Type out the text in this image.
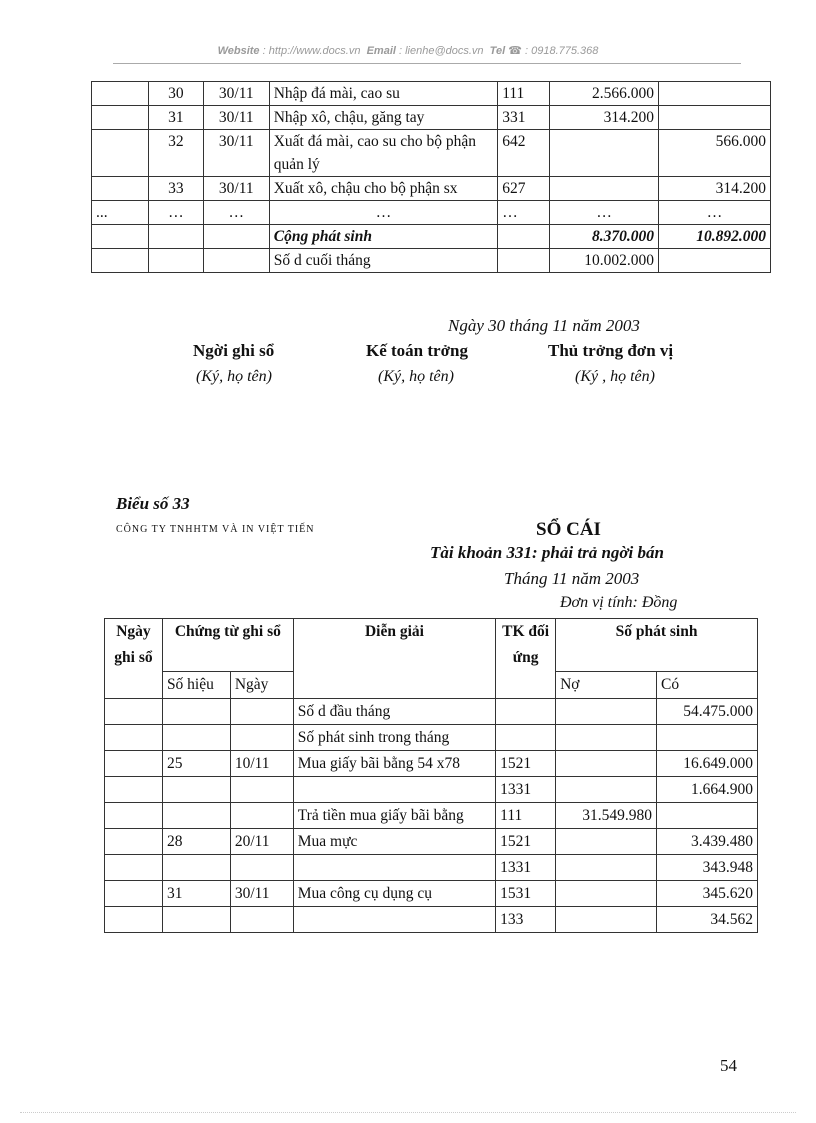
Website : http://www.docs.vn Email : lienhe@docs.vn Tel ☎ : 0918.775.368
	30	30/11	Nhập đá mài, cao su	111	2.566.000	
	31	30/11	Nhập xô, chậu, găng tay	331	314.200	
	32	30/11	Xuất đá mài, cao su cho bộ phận quản lý	642		566.000
	33	30/11	Xuất xô, chậu cho bộ phận sx	627		314.200
...	…	…	…	…	…	…
			Cộng phát sinh		8.370.000	10.892.000
			Số d cuối tháng		10.002.000	
Ngày 30 tháng 11 năm 2003
Ngời ghi sổ	Kế toán trởng	Thủ trởng đơn vị
(Ký, họ tên)	(Ký, họ tên)	(Ký , họ tên)
Biểu số 33
CÔNG TY TNHHTM VÀ IN VIỆT TIẾN	SỔ CÁI
Tài khoản 331: phải trả ngời bán
Tháng 11 năm 2003
Đơn vị tính: Đồng
Ngày ghi sổ	Chứng từ ghi sổ		Diễn giải	TK đối ứng	Số phát sinh	
	Số hiệu	Ngày			Nợ	Có
			Số d đầu tháng			54.475.000
			Số phát sinh trong tháng			
	25	10/11	Mua giấy bãi bằng 54 x78	1521		16.649.000
				1331		1.664.900
			Trả tiền mua giấy bãi bằng	111	31.549.980	
	28	20/11	Mua mực	1521		3.439.480
				1331		343.948
	31	30/11	Mua công cụ dụng cụ	1531		345.620
				133		34.562
54
